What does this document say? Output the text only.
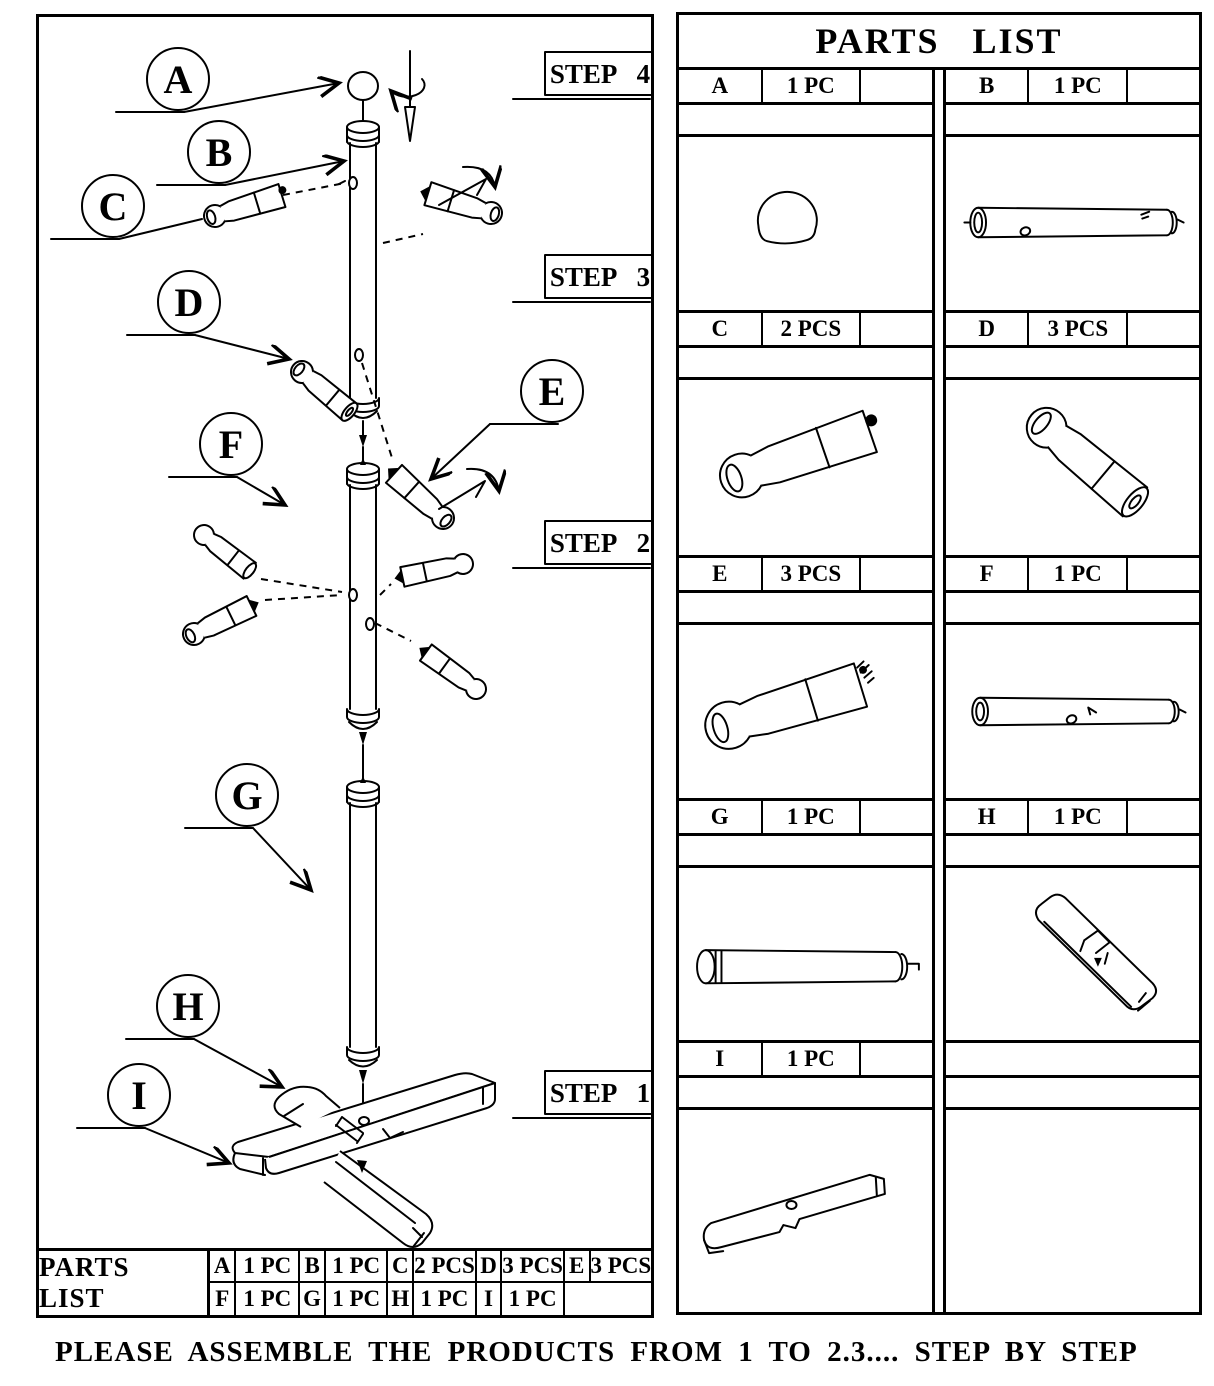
A
B
C
D
E
F
G
H
I
STEP 4
STEP 3
STEP 2
STEP 1
PARTS LIST
A 1 PC B 1 PC C 2 PCS D 3 PCS E 3 PCS
F 1 PC G 1 PC H 1 PC I 1 PC
PARTS LIST
A	1 PC
C	2 PCS
E	3 PCS
G	1 PC
I	1 PC
B	1 PC
D	3 PCS
F	1 PC
H	1 PC
PLEASE ASSEMBLE THE PRODUCTS FROM 1 TO 2.3.... STEP BY STEP
